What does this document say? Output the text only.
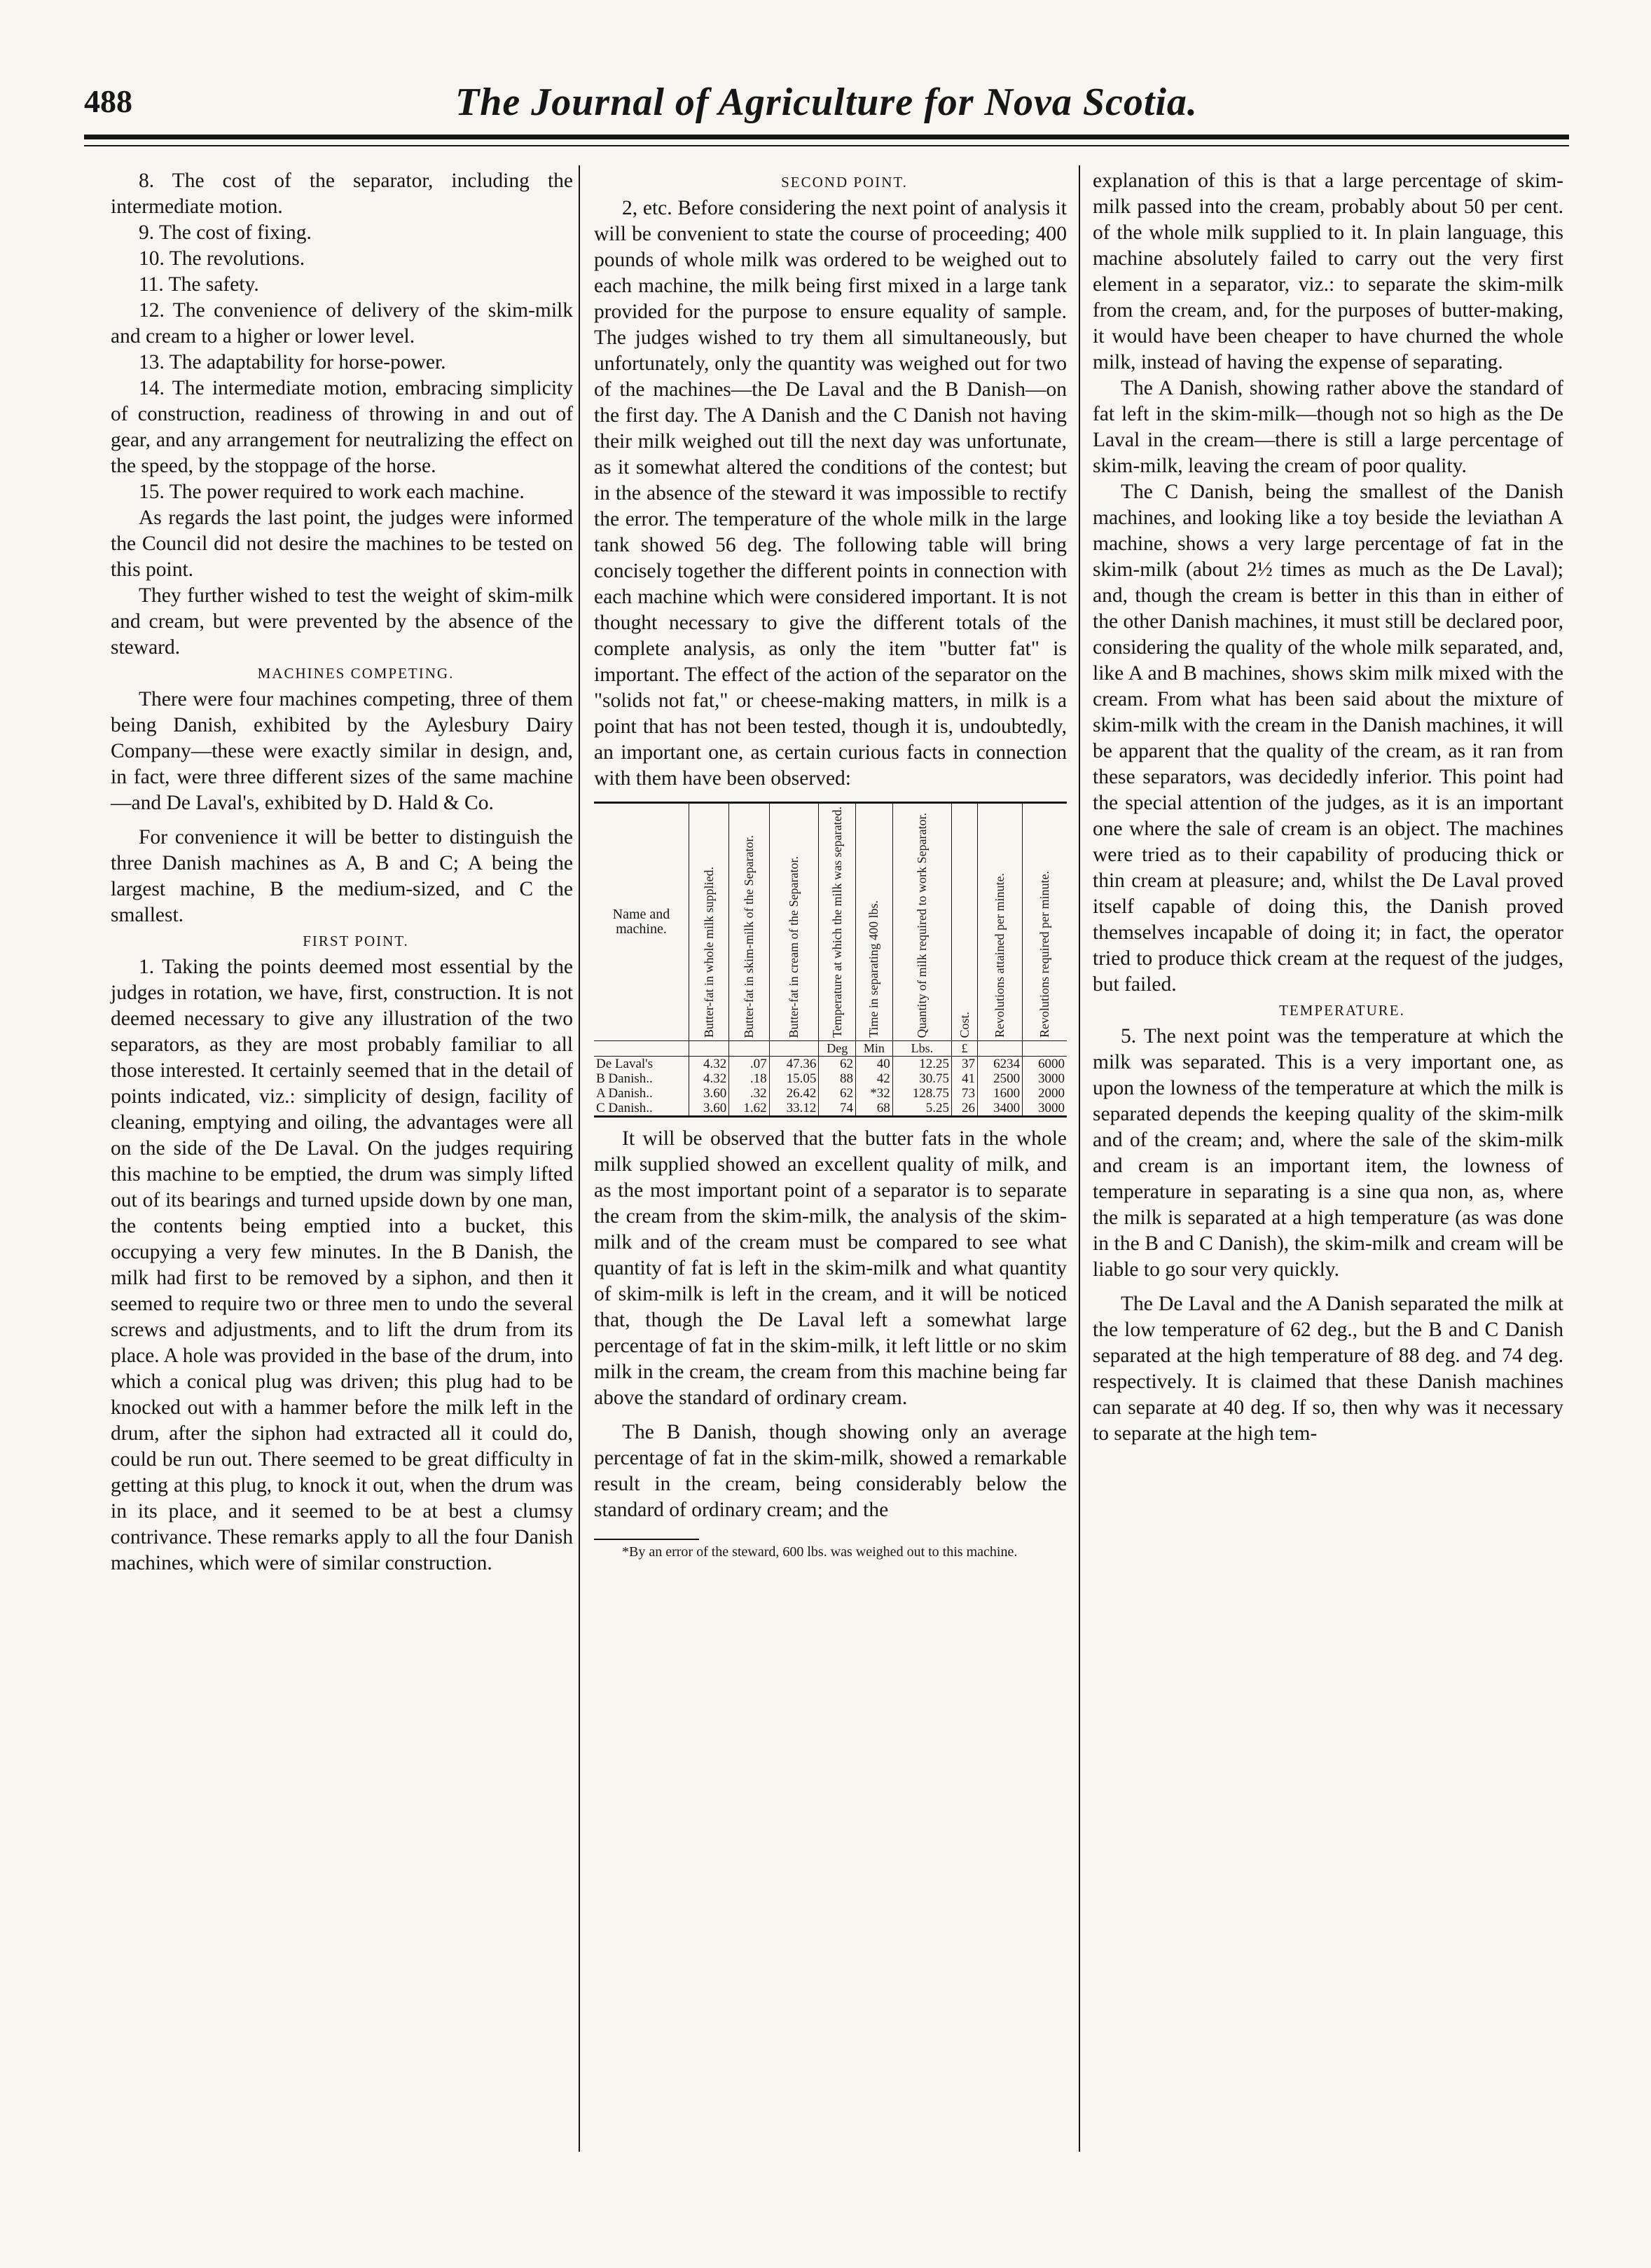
488	The Journal of Agriculture for Nova Scotia.

8. The cost of the separator, including the intermediate motion.

9. The cost of fixing.

10. The revolutions.

11. The safety.

12. The convenience of delivery of the skim-milk and cream to a higher or lower level.

13. The adaptability for horse-power.

14. The intermediate motion, embracing simplicity of construction, readiness of throwing in and out of gear, and any arrangement for neutralizing the effect on the speed, by the stoppage of the horse.

15. The power required to work each machine.

As regards the last point, the judges were informed the Council did not desire the machines to be tested on this point.

They further wished to test the weight of skim-milk and cream, but were prevented by the absence of the steward.

MACHINES COMPETING.

There were four machines competing, three of them being Danish, exhibited by the Aylesbury Dairy Company—these were exactly similar in design, and, in fact, were three different sizes of the same machine—and De Laval's, exhibited by D. Hald & Co.

For convenience it will be better to distinguish the three Danish machines as A, B and C; A being the largest machine, B the medium-sized, and C the smallest.

FIRST POINT.

1. Taking the points deemed most essential by the judges in rotation, we have, first, construction. It is not deemed necessary to give any illustration of the two separators, as they are most probably familiar to all those interested. It certainly seemed that in the detail of points indicated, viz.: simplicity of design, facility of cleaning, emptying and oiling, the advantages were all on the side of the De Laval. On the judges requiring this machine to be emptied, the drum was simply lifted out of its bearings and turned upside down by one man, the contents being emptied into a bucket, this occupying a very few minutes. In the B Danish, the milk had first to be removed by a siphon, and then it seemed to require two or three men to undo the several screws and adjustments, and to lift the drum from its place. A hole was provided in the base of the drum, into which a conical plug was driven; this plug had to be knocked out with a hammer before the milk left in the drum, after the siphon had extracted all it could do, could be run out. There seemed to be great difficulty in getting at this plug, to knock it out, when the drum was in its place, and it seemed to be at best a clumsy contrivance. These remarks apply to all the four Danish machines, which were of similar construction.

SECOND POINT.

2, etc. Before considering the next point of analysis it will be convenient to state the course of proceeding; 400 pounds of whole milk was ordered to be weighed out to each machine, the milk being first mixed in a large tank provided for the purpose to ensure equality of sample. The judges wished to try them all simultaneously, but unfortunately, only the quantity was weighed out for two of the machines—the De Laval and the B Danish—on the first day. The A Danish and the C Danish not having their milk weighed out till the next day was unfortunate, as it somewhat altered the conditions of the contest; but in the absence of the steward it was impossible to rectify the error. The temperature of the whole milk in the large tank showed 56 deg. The following table will bring concisely together the different points in connection with each machine which were considered important. It is not thought necessary to give the different totals of the complete analysis, as only the item "butter fat" is important. The effect of the action of the separator on the "solids not fat," or cheese-making matters, in milk is a point that has not been tested, though it is, undoubtedly, an important one, as certain curious facts in connection with them have been observed:

Name and machine.	Butter-fat in whole milk supplied.	Butter-fat in skim-milk of the Separator.	Butter-fat in cream of the Separator.	Temperature at which the milk was separated.	Time in separating 400 lbs.	Quantity of milk required to work Separator.	Cost.	Revolutions attained per minute.	Revolutions required per minute.

				Deg	Min	Lbs.	£		
De Laval's	4.32	.07	47.36	62	40	12.25	37	6234	6000
B Danish..	4.32	.18	15.05	88	42	30.75	41	2500	3000
A Danish..	3.60	.32	26.42	62	*32	128.75	73	1600	2000
C Danish..	3.60	1.62	33.12	74	68	5.25	26	3400	3000

It will be observed that the butter fats in the whole milk supplied showed an excellent quality of milk, and as the most important point of a separator is to separate the cream from the skim-milk, the analysis of the skim-milk and of the cream must be compared to see what quantity of fat is left in the skim-milk and what quantity of skim-milk is left in the cream, and it will be noticed that, though the De Laval left a somewhat large percentage of fat in the skim-milk, it left little or no skim milk in the cream, the cream from this machine being far above the standard of ordinary cream.

The B Danish, though showing only an average percentage of fat in the skim-milk, showed a remarkable result in the cream, being considerably below the standard of ordinary cream; and the

*By an error of the steward, 600 lbs. was weighed out to this machine.

explanation of this is that a large percentage of skim-milk passed into the cream, probably about 50 per cent. of the whole milk supplied to it. In plain language, this machine absolutely failed to carry out the very first element in a separator, viz.: to separate the skim-milk from the cream, and, for the purposes of butter-making, it would have been cheaper to have churned the whole milk, instead of having the expense of separating.

The A Danish, showing rather above the standard of fat left in the skim-milk—though not so high as the De Laval in the cream—there is still a large percentage of skim-milk, leaving the cream of poor quality.

The C Danish, being the smallest of the Danish machines, and looking like a toy beside the leviathan A machine, shows a very large percentage of fat in the skim-milk (about 2½ times as much as the De Laval); and, though the cream is better in this than in either of the other Danish machines, it must still be declared poor, considering the quality of the whole milk separated, and, like A and B machines, shows skim milk mixed with the cream. From what has been said about the mixture of skim-milk with the cream in the Danish machines, it will be apparent that the quality of the cream, as it ran from these separators, was decidedly inferior. This point had the special attention of the judges, as it is an important one where the sale of cream is an object. The machines were tried as to their capability of producing thick or thin cream at pleasure; and, whilst the De Laval proved itself capable of doing this, the Danish proved themselves incapable of doing it; in fact, the operator tried to produce thick cream at the request of the judges, but failed.

TEMPERATURE.

5. The next point was the temperature at which the milk was separated. This is a very important one, as upon the lowness of the temperature at which the milk is separated depends the keeping quality of the skim-milk and of the cream; and, where the sale of the skim-milk and cream is an important item, the lowness of temperature in separating is a sine qua non, as, where the milk is separated at a high temperature (as was done in the B and C Danish), the skim-milk and cream will be liable to go sour very quickly.

The De Laval and the A Danish separated the milk at the low temperature of 62 deg., but the B and C Danish separated at the high temperature of 88 deg. and 74 deg. respectively. It is claimed that these Danish machines can separate at 40 deg. If so, then why was it necessary to separate at the high tem-
